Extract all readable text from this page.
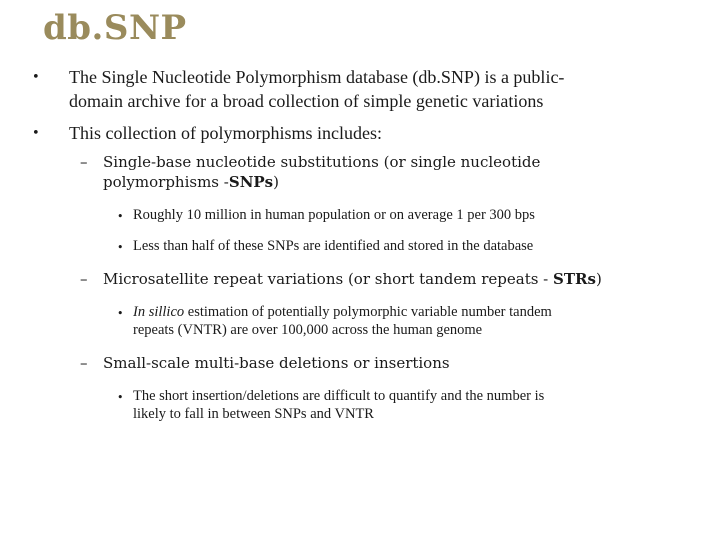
db.SNP
• The Single Nucleotide Polymorphism database (db.SNP) is a public-
domain archive for a broad collection of simple genetic variations
• This collection of polymorphisms includes:
– Single-base nucleotide substitutions (or single nucleotide
polymorphisms -SNPs)
• Roughly 10 million in human population or on average 1 per 300 bps
• Less than half of these SNPs are identified and stored in the database
– Microsatellite repeat variations (or short tandem repeats - STRs)
• In sillico estimation of potentially polymorphic variable number tandem
repeats (VNTR) are over 100,000 across the human genome
– Small-scale multi-base deletions or insertions
• The short insertion/deletions are difficult to quantify and the number is
likely to fall in between SNPs and VNTR
